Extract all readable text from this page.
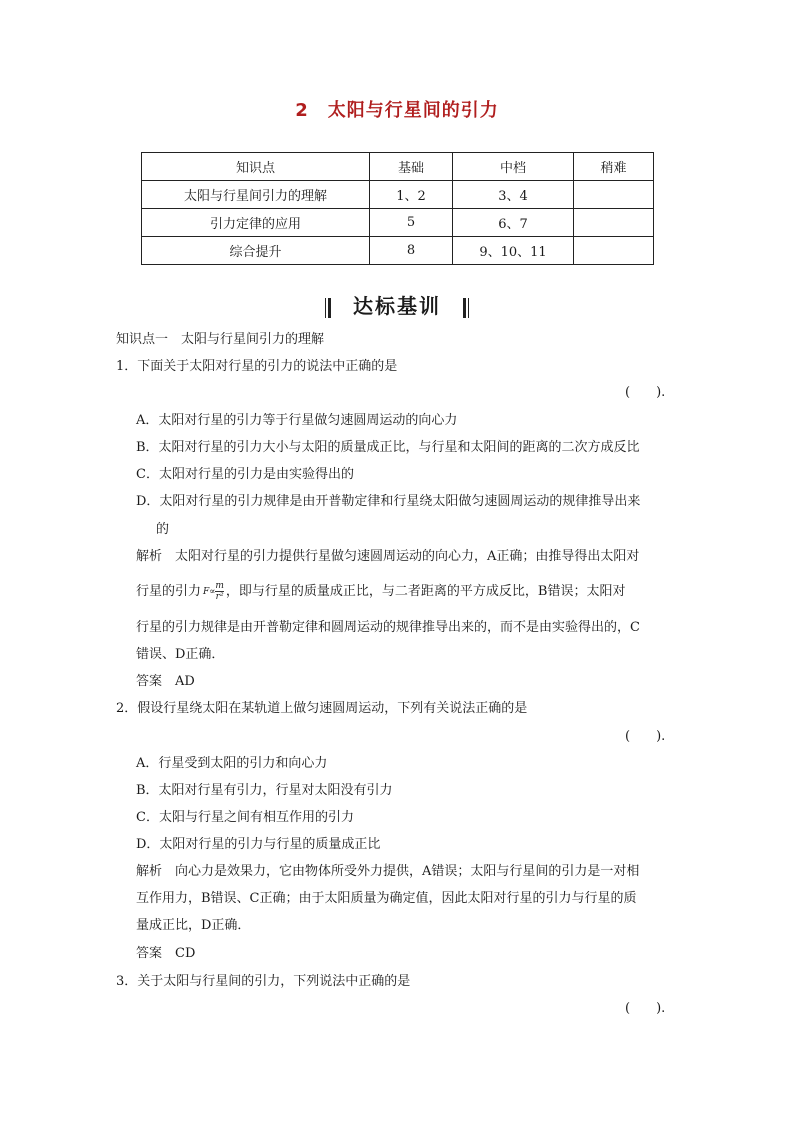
2　太阳与行星间的引力
知识点	基础	中档	稍难
太阳与行星间引力的理解	1、2	3、4	
引力定律的应用	5	6、7	
综合提升	8	9、10、11	
达标基训
知识点一　太阳与行星间引力的理解
1．下面关于太阳对行星的引力的说法中正确的是
(　　).
A．太阳对行星的引力等于行星做匀速圆周运动的向心力
B．太阳对行星的引力大小与太阳的质量成正比，与行星和太阳间的距离的二次方成反比
C．太阳对行星的引力是由实验得出的
D．太阳对行星的引力规律是由开普勒定律和行星绕太阳做匀速圆周运动的规律推导出来
的
解析　太阳对行星的引力提供行星做匀速圆周运动的向心力，A正确；由推导得出太阳对
行星的引力 $F\propto \frac{m}{\text{r²}}$ ，即与行星的质量成正比，与二者距离的平方成反比，B错误；太阳对
行星的引力规律是由开普勒定律和圆周运动的规律推导出来的，而不是由实验得出的，C
错误、D正确．
答案　AD
2．假设行星绕太阳在某轨道上做匀速圆周运动，下列有关说法正确的是
(　　).
A．行星受到太阳的引力和向心力
B．太阳对行星有引力，行星对太阳没有引力
C．太阳与行星之间有相互作用的引力
D．太阳对行星的引力与行星的质量成正比
解析　向心力是效果力，它由物体所受外力提供，A错误；太阳与行星间的引力是一对相
互作用力，B错误、C正确；由于太阳质量为确定值，因此太阳对行星的引力与行星的质
量成正比，D正确．
答案　CD
3．关于太阳与行星间的引力，下列说法中正确的是
(　　).
